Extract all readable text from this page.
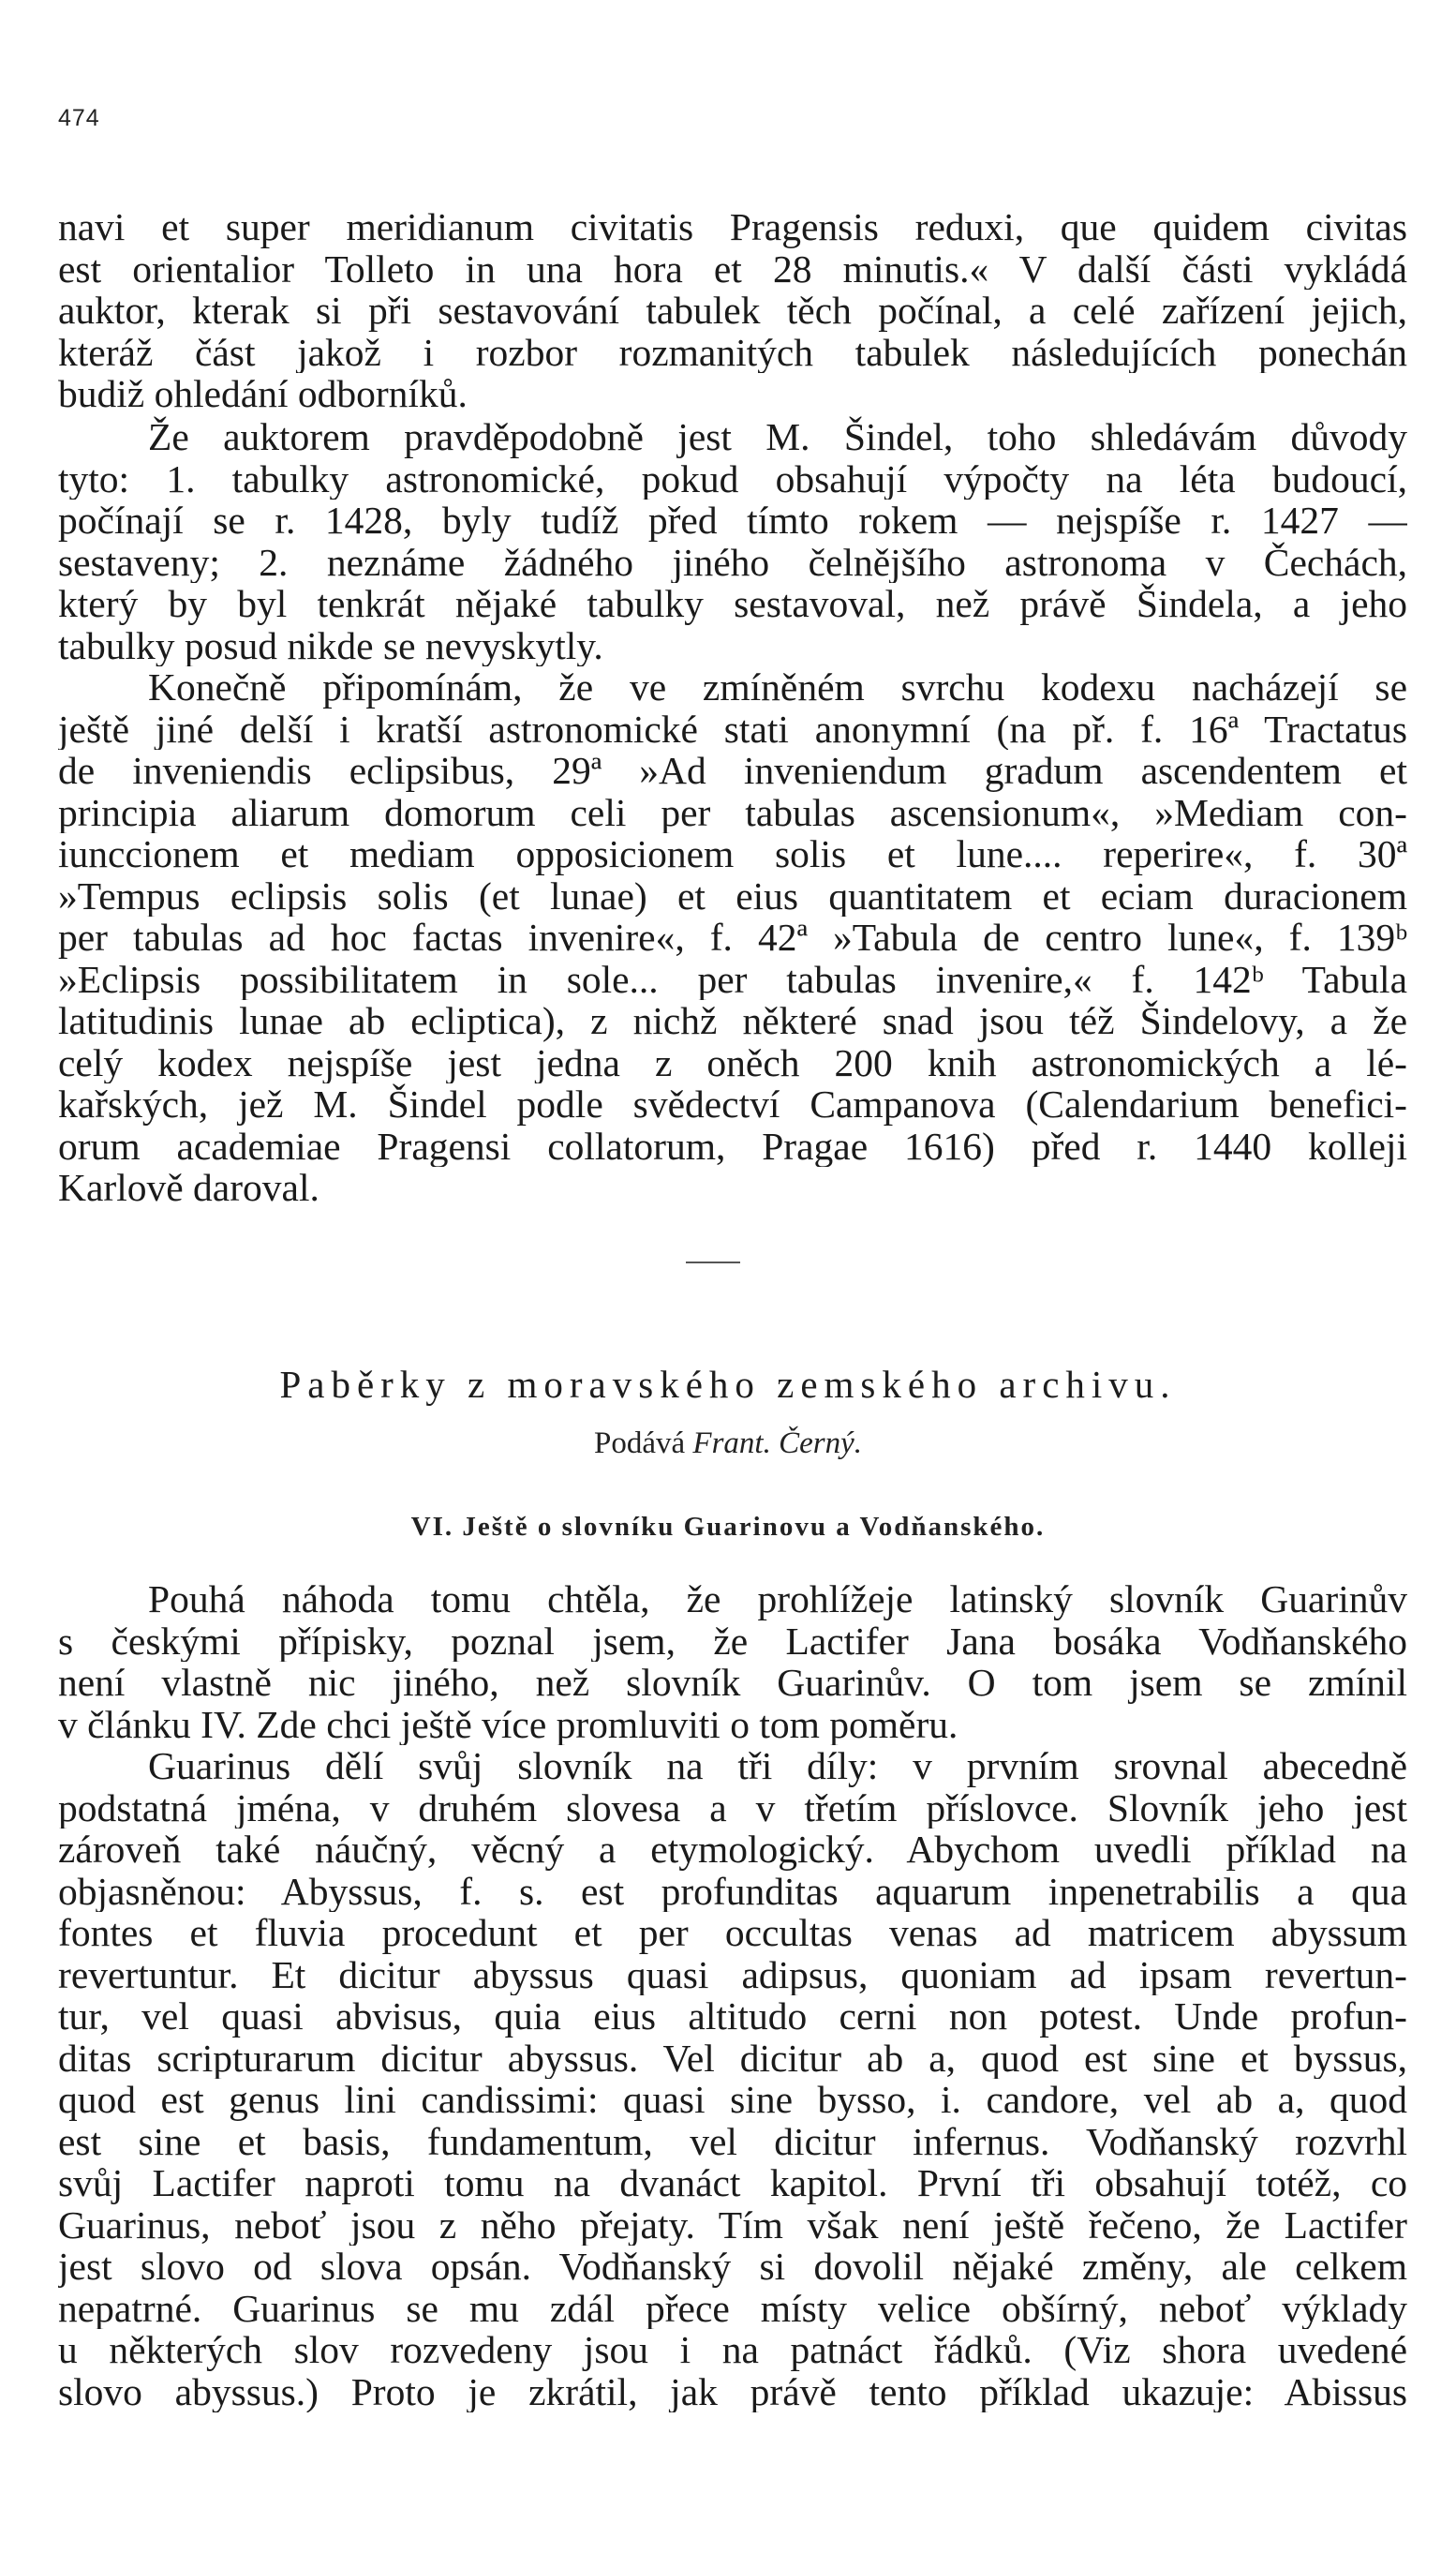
474
navi et super meridianum civitatis Pragensis reduxi, que quidem civitas
est orientalior Tolleto in una hora et 28 minutis.« V další části vykládá
auktor, kterak si při sestavování tabulek těch počínal, a celé zařízení jejich,
kteráž část jakož i rozbor rozmanitých tabulek následujících ponechán
budiž ohledání odborníků.
Že auktorem pravděpodobně jest M. Šindel, toho shledávám důvody
tyto: 1. tabulky astronomické, pokud obsahují výpočty na léta budoucí,
počínají se r. 1428, byly tudíž před tímto rokem — nejspíše r. 1427 —
sestaveny; 2. neznáme žádného jiného čelnějšího astronoma v Čechách,
který by byl tenkrát nějaké tabulky sestavoval, než právě Šindela, a jeho
tabulky posud nikde se nevyskytly.
Konečně připomínám, že ve zmíněném svrchu kodexu nacházejí se
ještě jiné delší i kratší astronomické stati anonymní (na př. f. 16ª Tractatus
de inveniendis eclipsibus, 29ª »Ad inveniendum gradum ascendentem et
principia aliarum domorum celi per tabulas ascensionum«, »Mediam con-
iunccionem et mediam opposicionem solis et lune.... reperire«, f. 30ª
»Tempus eclipsis solis (et lunae) et eius quantitatem et eciam duracionem
per tabulas ad hoc factas invenire«, f. 42ª »Tabula de centro lune«, f. 139ᵇ
»Eclipsis possibilitatem in sole... per tabulas invenire,« f. 142ᵇ Tabula
latitudinis lunae ab ecliptica), z nichž některé snad jsou též Šindelovy, a že
celý kodex nejspíše jest jedna z oněch 200 knih astronomických a lé-
kařských, jež M. Šindel podle svědectví Campanova (Calendarium benefici-
orum academiae Pragensi collatorum, Pragae 1616) před r. 1440 kolleji
Karlově daroval.
Paběrky z moravského zemského archivu.
Podává Frant. Černý.
VI. Ještě o slovníku Guarinovu a Vodňanského.
Pouhá náhoda tomu chtěla, že prohlížeje latinský slovník Guarinův
s českými přípisky, poznal jsem, že Lactifer Jana bosáka Vodňanského
není vlastně nic jiného, než slovník Guarinův. O tom jsem se zmínil
v článku IV. Zde chci ještě více promluviti o tom poměru.
Guarinus dělí svůj slovník na tři díly: v prvním srovnal abecedně
podstatná jména, v druhém slovesa a v třetím příslovce. Slovník jeho jest
zároveň také náučný, věcný a etymologický. Abychom uvedli příklad na
objasněnou: Abyssus, f. s. est profunditas aquarum inpenetrabilis a qua
fontes et fluvia procedunt et per occultas venas ad matricem abyssum
revertuntur. Et dicitur abyssus quasi adipsus, quoniam ad ipsam revertun-
tur, vel quasi abvisus, quia eius altitudo cerni non potest. Unde profun-
ditas scripturarum dicitur abyssus. Vel dicitur ab a, quod est sine et byssus,
quod est genus lini candissimi: quasi sine bysso, i. candore, vel ab a, quod
est sine et basis, fundamentum, vel dicitur infernus. Vodňanský rozvrhl
svůj Lactifer naproti tomu na dvanáct kapitol. První tři obsahují totéž, co
Guarinus, neboť jsou z něho přejaty. Tím však není ještě řečeno, že Lactifer
jest slovo od slova opsán. Vodňanský si dovolil nějaké změny, ale celkem
nepatrné. Guarinus se mu zdál přece místy velice obšírný, neboť výklady
u některých slov rozvedeny jsou i na patnáct řádků. (Viz shora uvedené
slovo abyssus.) Proto je zkrátil, jak právě tento příklad ukazuje: Abissus
